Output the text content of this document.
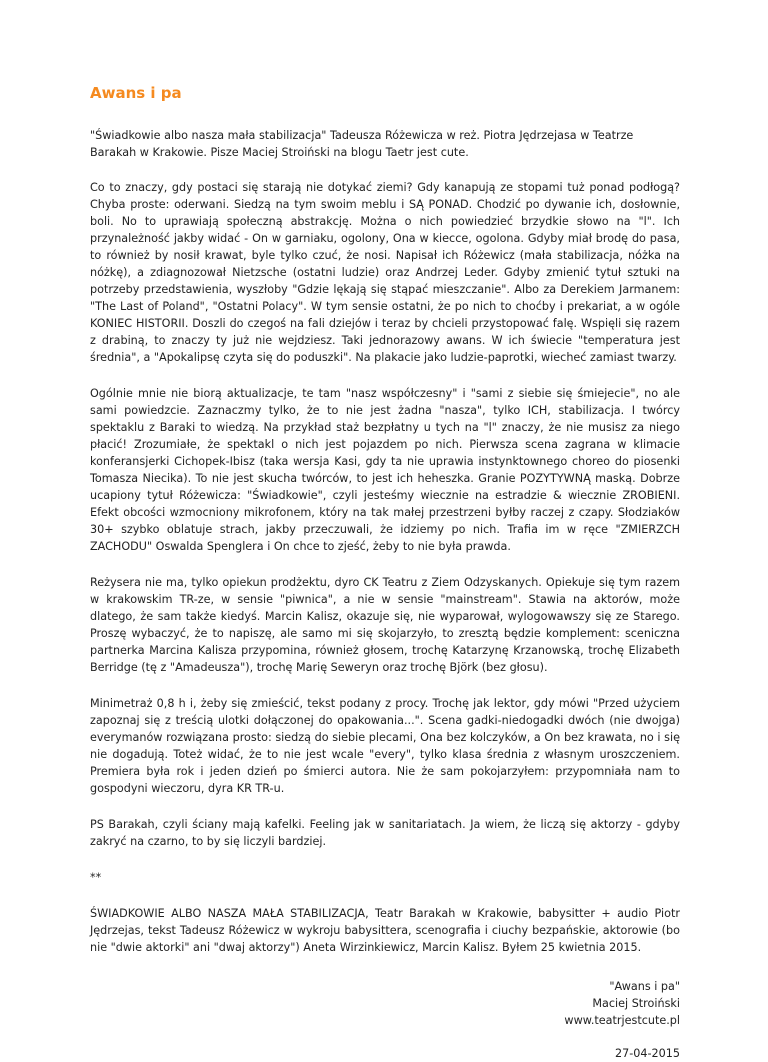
Awans i pa

"Świadkowie albo nasza mała stabilizacja" Tadeusza Różewicza w reż. Piotra Jędrzejasa w Teatrze Barakah w Krakowie. Pisze Maciej Stroiński na blogu Taetr jest cute.

Co to znaczy, gdy postaci się starają nie dotykać ziemi? Gdy kanapują ze stopami tuż ponad podłogą? Chyba proste: oderwani. Siedzą na tym swoim meblu i SĄ PONAD. Chodzić po dywanie ich, dosłownie, boli. No to uprawiają społeczną abstrakcję. Można o nich powiedzieć brzydkie słowo na "l". Ich przynależność jakby widać - On w garniaku, ogolony, Ona w kiecce, ogolona. Gdyby miał brodę do pasa, to również by nosił krawat, byle tylko czuć, że nosi. Napisał ich Różewicz (mała stabilizacja, nóżka na nóżkę), a zdiagnozował Nietzsche (ostatni ludzie) oraz Andrzej Leder. Gdyby zmienić tytuł sztuki na potrzeby przedstawienia, wyszłoby "Gdzie lękają się stąpać mieszczanie". Albo za Derekiem Jarmanem: "The Last of Poland", "Ostatni Polacy". W tym sensie ostatni, że po nich to choćby i prekariat, a w ogóle KONIEC HISTORII. Doszli do czegoś na fali dziejów i teraz by chcieli przystopować falę. Wspięli się razem z drabiną, to znaczy ty już nie wejdziesz. Taki jednorazowy awans. W ich świecie "temperatura jest średnia", a "Apokalipsę czyta się do poduszki". Na plakacie jako ludzie-paprotki, wiecheć zamiast twarzy.

Ogólnie mnie nie biorą aktualizacje, te tam "nasz współczesny" i "sami z siebie się śmiejecie", no ale sami powiedzcie. Zaznaczmy tylko, że to nie jest żadna "nasza", tylko ICH, stabilizacja. I twórcy spektaklu z Baraki to wiedzą. Na przykład staż bezpłatny u tych na "l" znaczy, że nie musisz za niego płacić! Zrozumiałe, że spektakl o nich jest pojazdem po nich. Pierwsza scena zagrana w klimacie konferansjerki Cichopek-Ibisz (taka wersja Kasi, gdy ta nie uprawia instynktownego choreo do piosenki Tomasza Niecika). To nie jest skucha twórców, to jest ich heheszka. Granie POZYTYWNĄ maską. Dobrze ucapiony tytuł Różewicza: "Świadkowie", czyli jesteśmy wiecznie na estradzie & wiecznie ZROBIENI. Efekt obcości wzmocniony mikrofonem, który na tak małej przestrzeni byłby raczej z czapy. Słodziaków 30+ szybko oblatuje strach, jakby przeczuwali, że idziemy po nich. Trafia im w ręce "ZMIERZCH ZACHODU" Oswalda Spenglera i On chce to zjeść, żeby to nie była prawda.

Reżysera nie ma, tylko opiekun prodżektu, dyro CK Teatru z Ziem Odzyskanych. Opiekuje się tym razem w krakowskim TR-ze, w sensie "piwnica", a nie w sensie "mainstream". Stawia na aktorów, może dlatego, że sam także kiedyś. Marcin Kalisz, okazuje się, nie wyparował, wylogowawszy się ze Starego. Proszę wybaczyć, że to napiszę, ale samo mi się skojarzyło, to zresztą będzie komplement: sceniczna partnerka Marcina Kalisza przypomina, również głosem, trochę Katarzynę Krzanowską, trochę Elizabeth Berridge (tę z "Amadeusza"), trochę Marię Seweryn oraz trochę Björk (bez głosu).

Minimetraż 0,8 h i, żeby się zmieścić, tekst podany z procy. Trochę jak lektor, gdy mówi "Przed użyciem zapoznaj się z treścią ulotki dołączonej do opakowania...". Scena gadki-niedogadki dwóch (nie dwojga) everymanów rozwiązana prosto: siedzą do siebie plecami, Ona bez kolczyków, a On bez krawata, no i się nie dogadują. Toteż widać, że to nie jest wcale "every", tylko klasa średnia z własnym uroszczeniem. Premiera była rok i jeden dzień po śmierci autora. Nie że sam pokojarzyłem: przypomniała nam to gospodyni wieczoru, dyra KR TR-u.

PS Barakah, czyli ściany mają kafelki. Feeling jak w sanitariatach. Ja wiem, że liczą się aktorzy - gdyby zakryć na czarno, to by się liczyli bardziej.

**

ŚWIADKOWIE ALBO NASZA MAŁA STABILIZACJA, Teatr Barakah w Krakowie, babysitter + audio Piotr Jędrzejas, tekst Tadeusz Różewicz w wykroju babysittera, scenografia i ciuchy bezpańskie, aktorowie (bo nie "dwie aktorki" ani "dwaj aktorzy") Aneta Wirzinkiewicz, Marcin Kalisz. Byłem 25 kwietnia 2015.

"Awans i pa"
Maciej Stroiński
www.teatrjestcute.pl
27-04-2015
